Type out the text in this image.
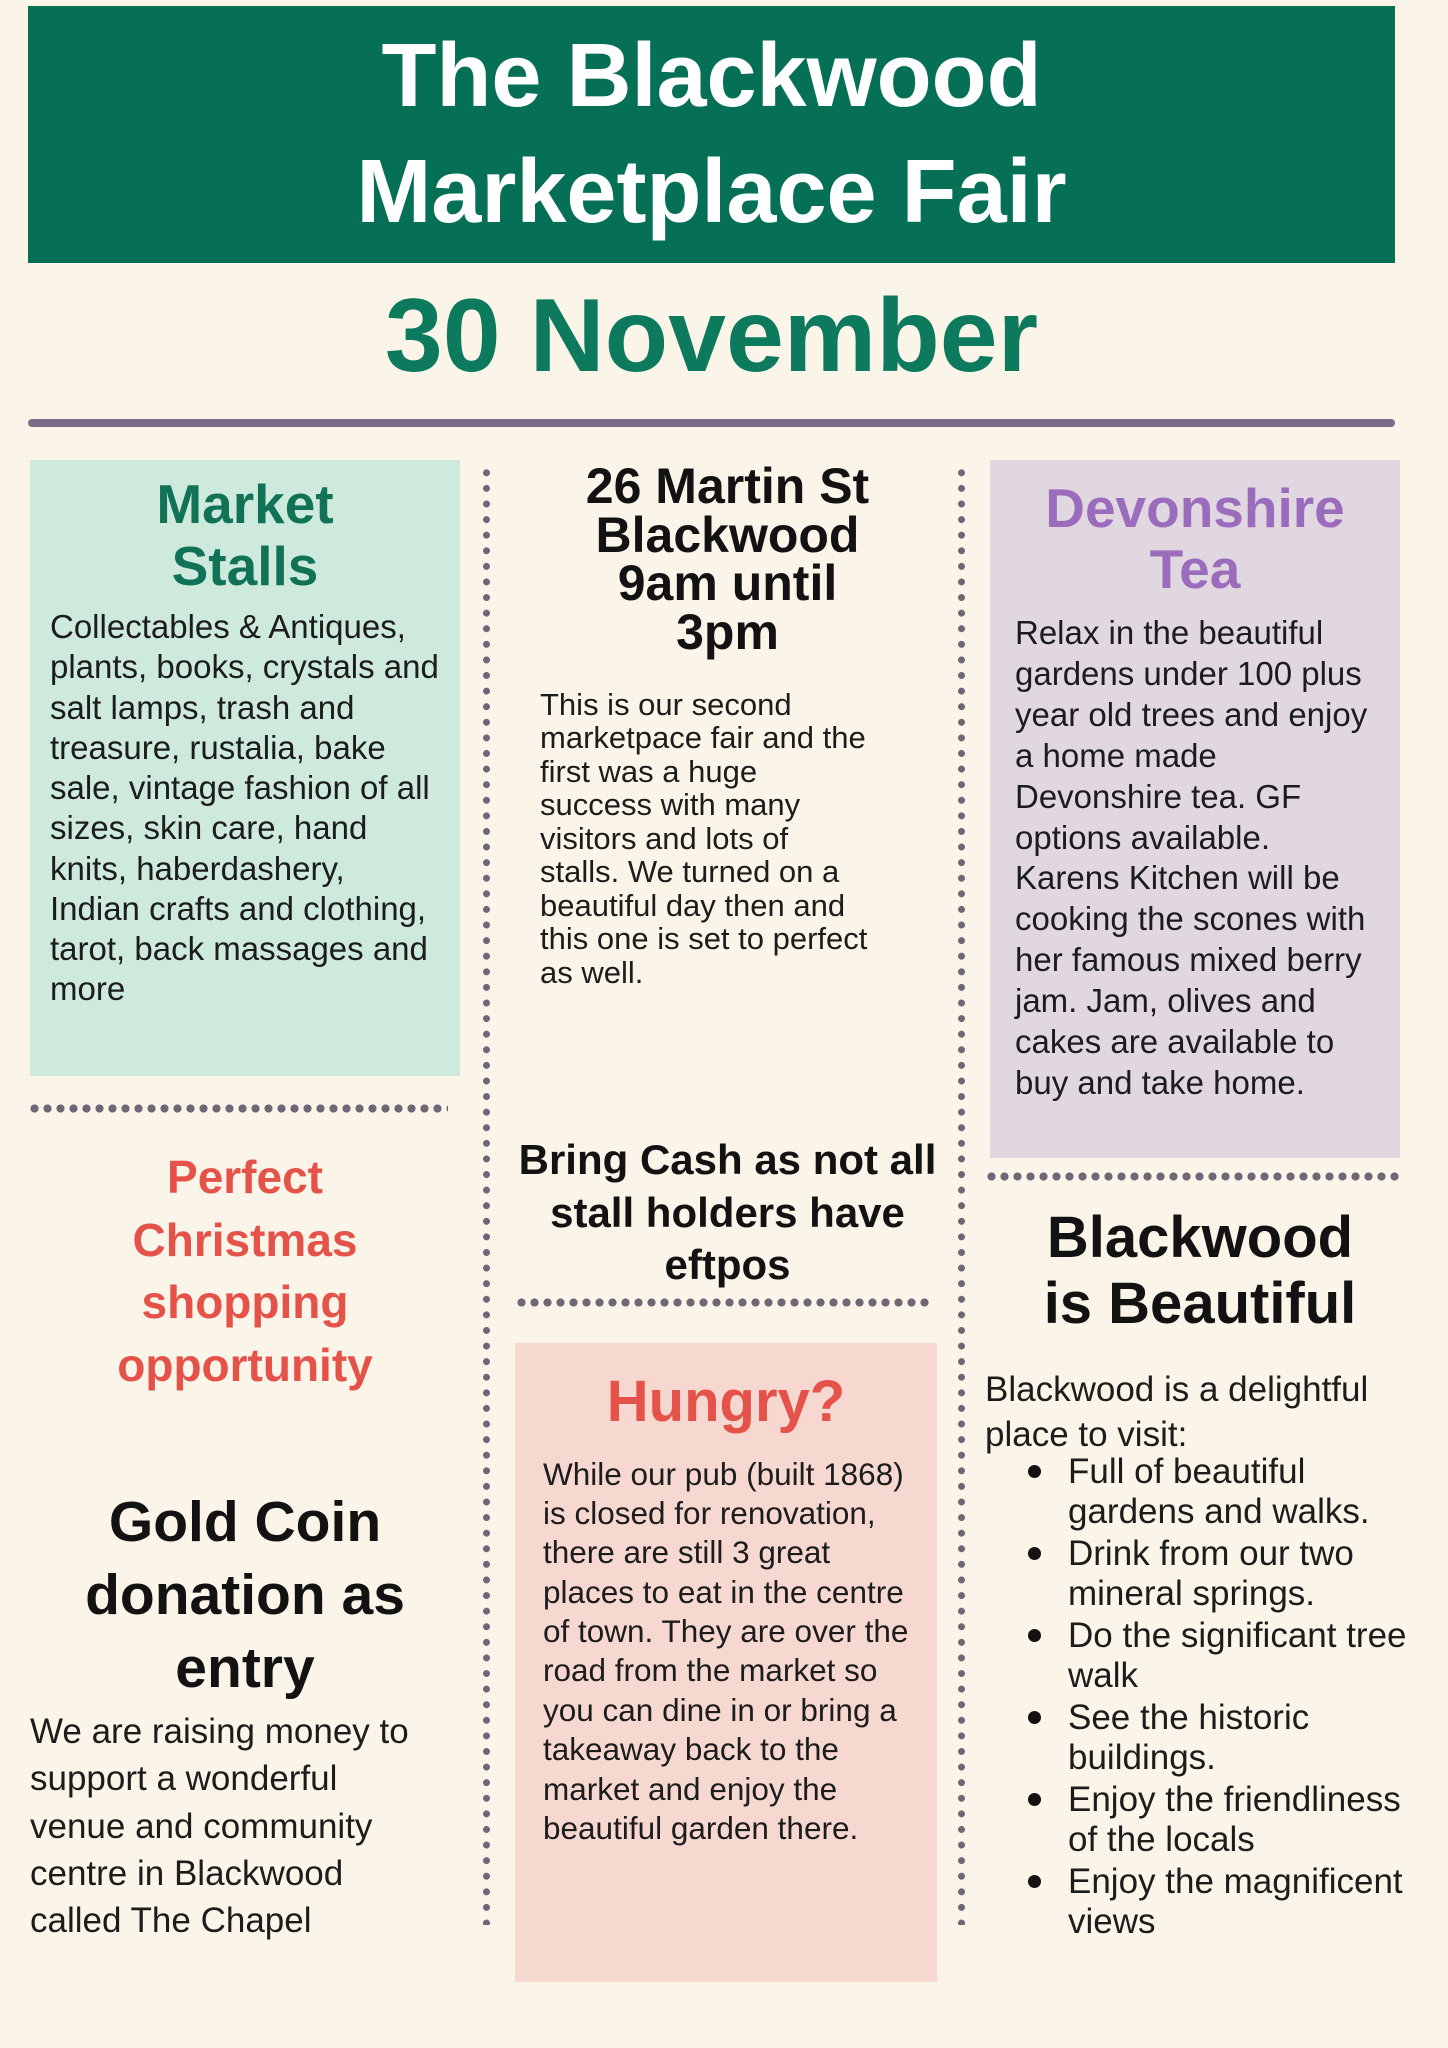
The Blackwood Marketplace Fair
30 November
Market
Stalls

Collectables & Antiques, plants, books, crystals and salt lamps, trash and treasure, rustalia, bake sale, vintage fashion of all sizes, skin care, hand knits, haberdashery, Indian crafts and clothing, tarot, back massages and more

Perfect
Christmas
shopping
opportunity
Gold Coin donation as entry

We are raising money to support a wonderful venue and community centre in Blackwood called The Chapel

26 Martin St
Blackwood
9am until
3pm

This is our second marketpace fair and the first was a huge success with many visitors and lots of stalls. We turned on a beautiful day then and this one is set to perfect as well.

Bring Cash as not all
stall holders have
eftpos
Hungry?

While our pub (built 1868) is closed for renovation, there are still 3 great places to eat in the centre of town. They are over the road from the market so you can dine in or bring a takeaway back to the market and enjoy the beautiful garden there.

Devonshire Tea

Relax in the beautiful gardens under 100 plus year old trees and enjoy a home made Devonshire tea. GF options available. Karens Kitchen will be cooking the scones with her famous mixed berry jam. Jam, olives and cakes are available to buy and take home.

Blackwood
is Beautiful

Blackwood is a delightful place to visit:

Full of beautiful gardens and walks.
Drink from our two mineral springs.
Do the significant tree walk
See the historic buildings.
Enjoy the friendliness of the locals
Enjoy the magnificent views
